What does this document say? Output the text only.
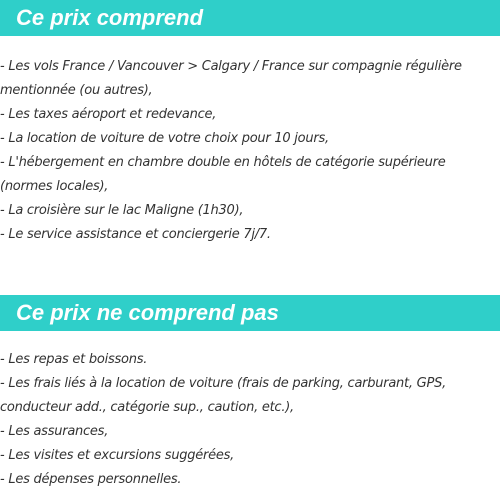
Ce prix comprend
- Les vols France / Vancouver > Calgary / France sur compagnie régulière mentionnée (ou autres),
- Les taxes aéroport et redevance,
- La location de voiture de votre choix pour 10 jours,
- L'hébergement en chambre double en hôtels de catégorie supérieure (normes locales),
- La croisière sur le lac Maligne (1h30),
- Le service assistance et conciergerie 7j/7.
Ce prix ne comprend pas
- Les repas et boissons.
- Les frais liés à la location de voiture (frais de parking, carburant, GPS, conducteur add., catégorie sup., caution, etc.),
- Les assurances,
- Les visites et excursions suggérées,
- Les dépenses personnelles.
